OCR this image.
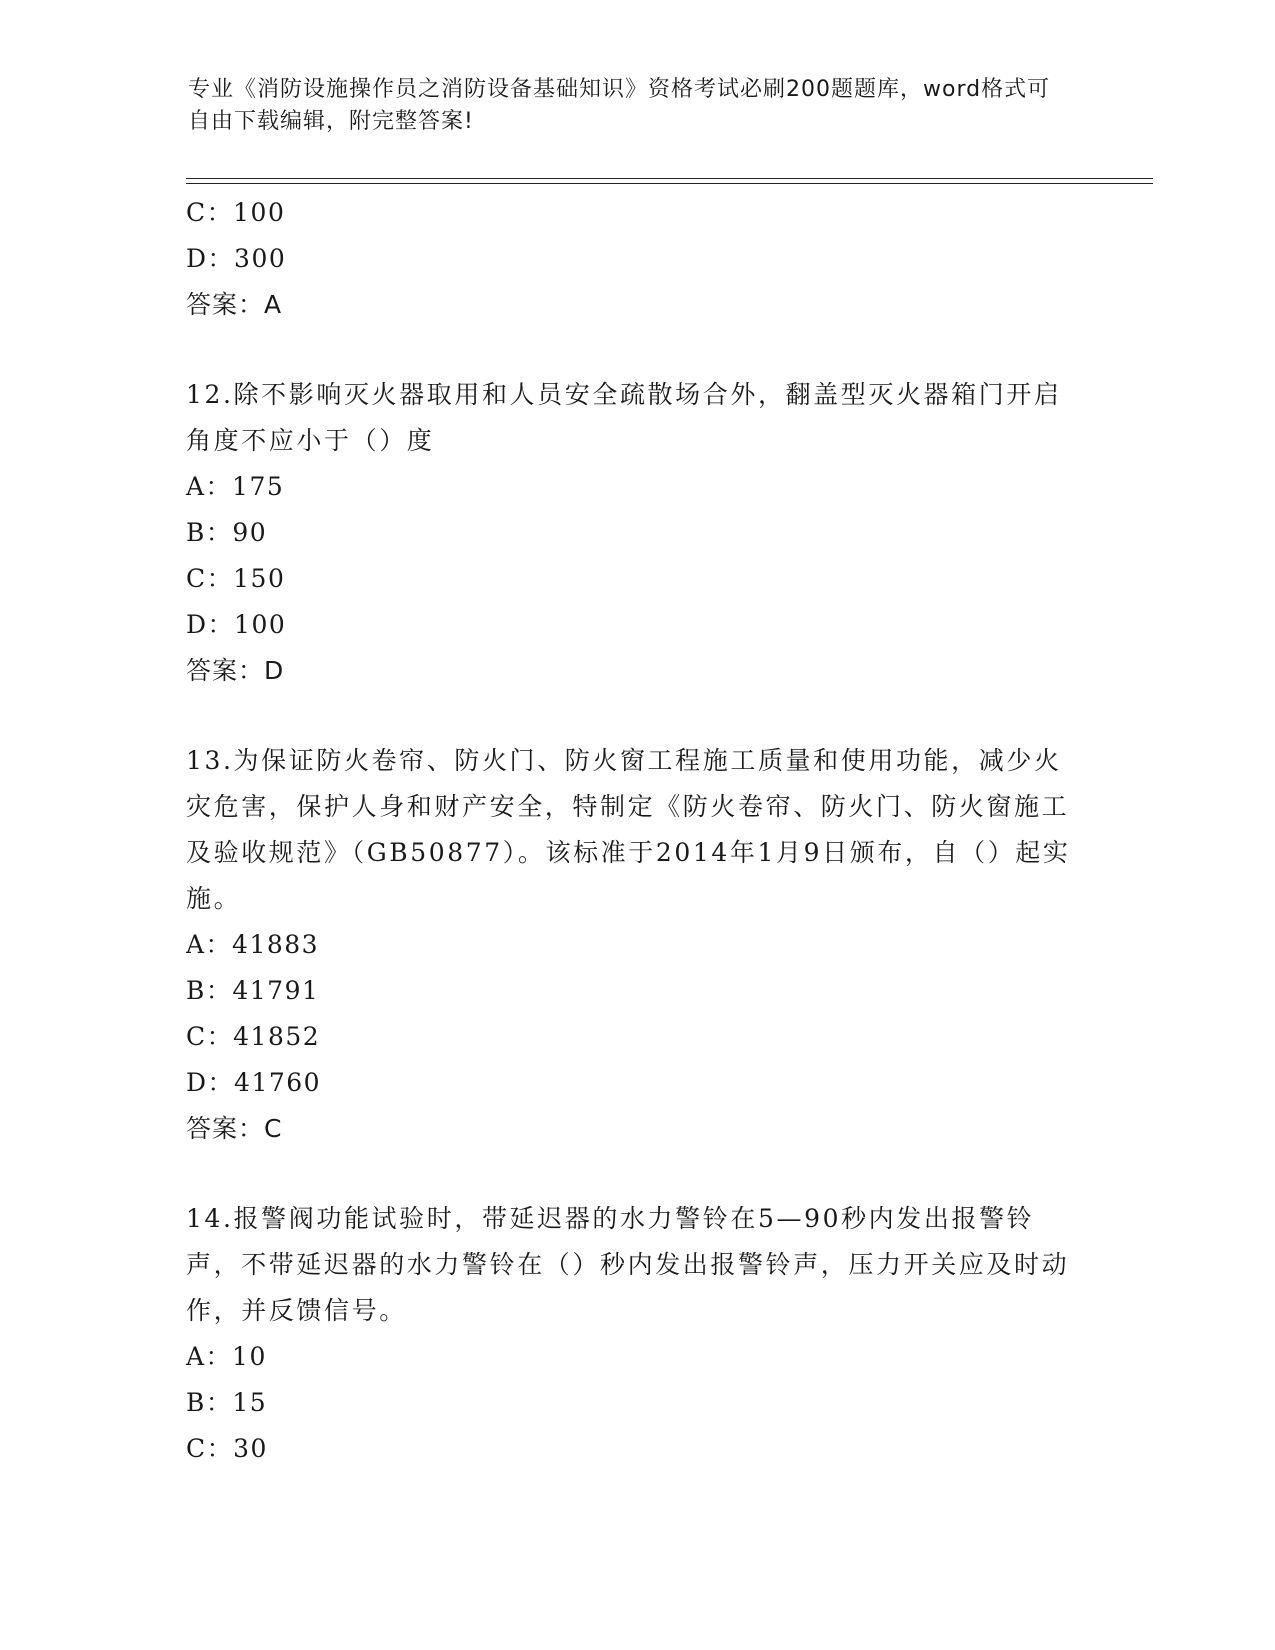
专业《消防设施操作员之消防设备基础知识》资格考试必刷200题题库，word格式可自由下载编辑，附完整答案!
C：100
D：300
答案：A
12.除不影响灭火器取用和人员安全疏散场合外，翻盖型灭火器箱门开启角度不应小于（）度
A：175
B：90
C：150
D：100
答案：D
13.为保证防火卷帘、防火门、防火窗工程施工质量和使用功能，减少火灾危害，保护人身和财产安全，特制定《防火卷帘、防火门、防火窗施工及验收规范》（GB50877）。该标准于2014年1月9日颁布，自（）起实施。
A：41883
B：41791
C：41852
D：41760
答案：C
14.报警阀功能试验时，带延迟器的水力警铃在5—90秒内发出报警铃声，不带延迟器的水力警铃在（）秒内发出报警铃声，压力开关应及时动作，并反馈信号。
A：10
B：15
C：30
